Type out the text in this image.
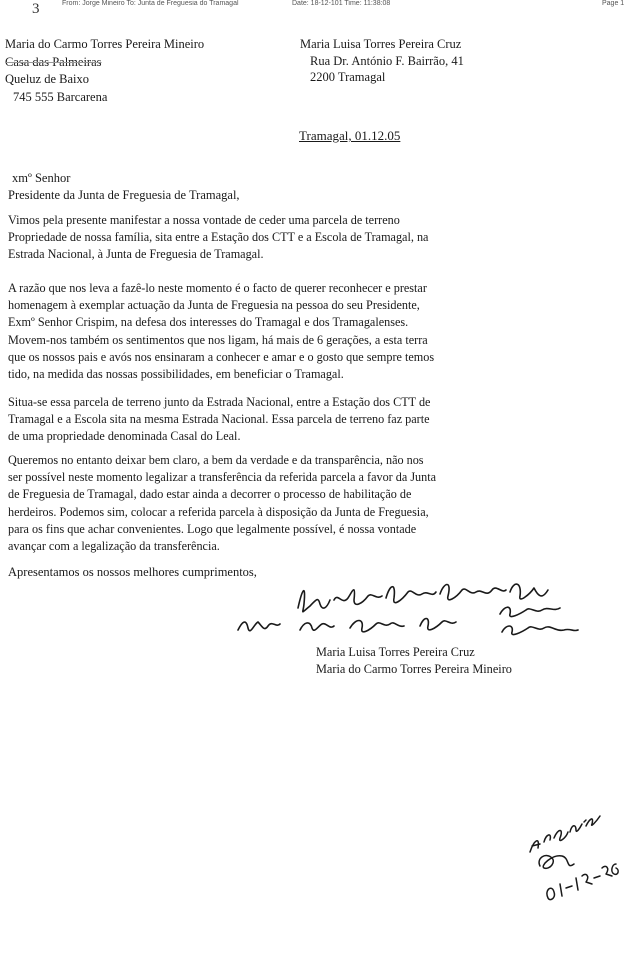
From: Jorge Mineiro To: Junta de Freguesia do Tramagal	Date: 18-12-101 Time: 11:38:08	Page 1
3
Maria do Carmo Torres Pereira Mineiro
Casa das Palmeiras
Queluz de Baixo
745 555 Barcarena
Maria Luisa Torres Pereira Cruz
Rua Dr. António F. Bairrão, 41
2200 Tramagal
Tramagal, 01.12.05
xmº Senhor
Presidente da Junta de Freguesia de Tramagal,

Vimos pela presente manifestar a nossa vontade de ceder uma parcela de terreno

Propriedade de nossa família, sita entre a Estação dos CTT e a Escola de Tramagal, na

Estrada Nacional, à Junta de Freguesia de Tramagal.

A razão que nos leva a fazê-lo neste momento é o facto de querer reconhecer e prestar

homenagem à exemplar actuação da Junta de Freguesia na pessoa do seu Presidente,

Exmº Senhor Crispim, na defesa dos interesses do Tramagal e dos Tramagalenses.

Movem-nos também os sentimentos que nos ligam, há mais de 6 gerações, a esta terra

que os nossos pais e avós nos ensinaram a conhecer e amar e o gosto que sempre temos

tido, na medida das nossas possibilidades, em beneficiar o Tramagal.

Situa-se essa parcela de terreno junto da Estrada Nacional, entre a Estação dos CTT de

Tramagal e a Escola sita na mesma Estrada Nacional. Essa parcela de terreno faz parte

de uma propriedade denominada Casal do Leal.

Queremos no entanto deixar bem claro, a bem da verdade e da transparência, não nos

ser possível neste momento legalizar a transferência da referida parcela a favor da Junta

de Freguesia de Tramagal, dado estar ainda a decorrer o processo de habilitação de

herdeiros. Podemos sim, colocar a referida parcela à disposição da Junta de Freguesia,

para os fins que achar convenientes. Logo que legalmente possível, é nossa vontade

avançar com a legalização da transferência.

Apresentamos os nossos melhores cumprimentos,
Maria Luisa Torres Pereira Cruz
Maria do Carmo Torres Pereira Mineiro
